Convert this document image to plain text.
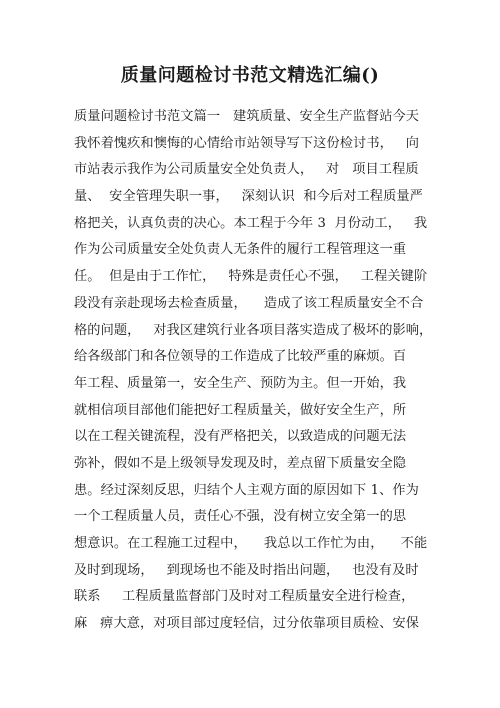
质量问题检讨书范文精选汇编()
质量问题检讨书范文篇一   建筑质量、安全生产监督站今天
我怀着愧疚和懊悔的心情给市站领导写下这份检讨书，   向
市站表示我作为公司质量安全处负责人，   对   项目工程质
量、  安全管理失职一事，   深刻认识  和今后对工程质量严
格把关，认真负责的决心。本工程于今年 3  月份动工，   我
作为公司质量安全处负责人无条件的履行工程管理这一重
任。  但是由于工作忙，   特殊是责任心不强，   工程关键阶
段没有亲赴现场去检查质量，    造成了该工程质量安全不合
格的问题，   对我区建筑行业各项目落实造成了极坏的影响，
给各级部门和各位领导的工作造成了比较严重的麻烦。百
年工程、质量第一，安全生产、预防为主。但一开始，我
就相信项目部他们能把好工程质量关，做好安全生产，所
以在工程关键流程，没有严格把关，以致造成的问题无法
弥补，假如不是上级领导发现及时，差点留下质量安全隐
患。经过深刻反思，归结个人主观方面的原因如下 1、作为
一个工程质量人员，责任心不强，没有树立安全第一的思
想意识。在工程施工过程中，    我总以工作忙为由，    不能
及时到现场，   到现场也不能及时指出问题，   也没有及时
联系     工程质量监督部门及时对工程质量安全进行检查，
麻   痹大意，对项目部过度轻信，过分依靠项目质检、安保
